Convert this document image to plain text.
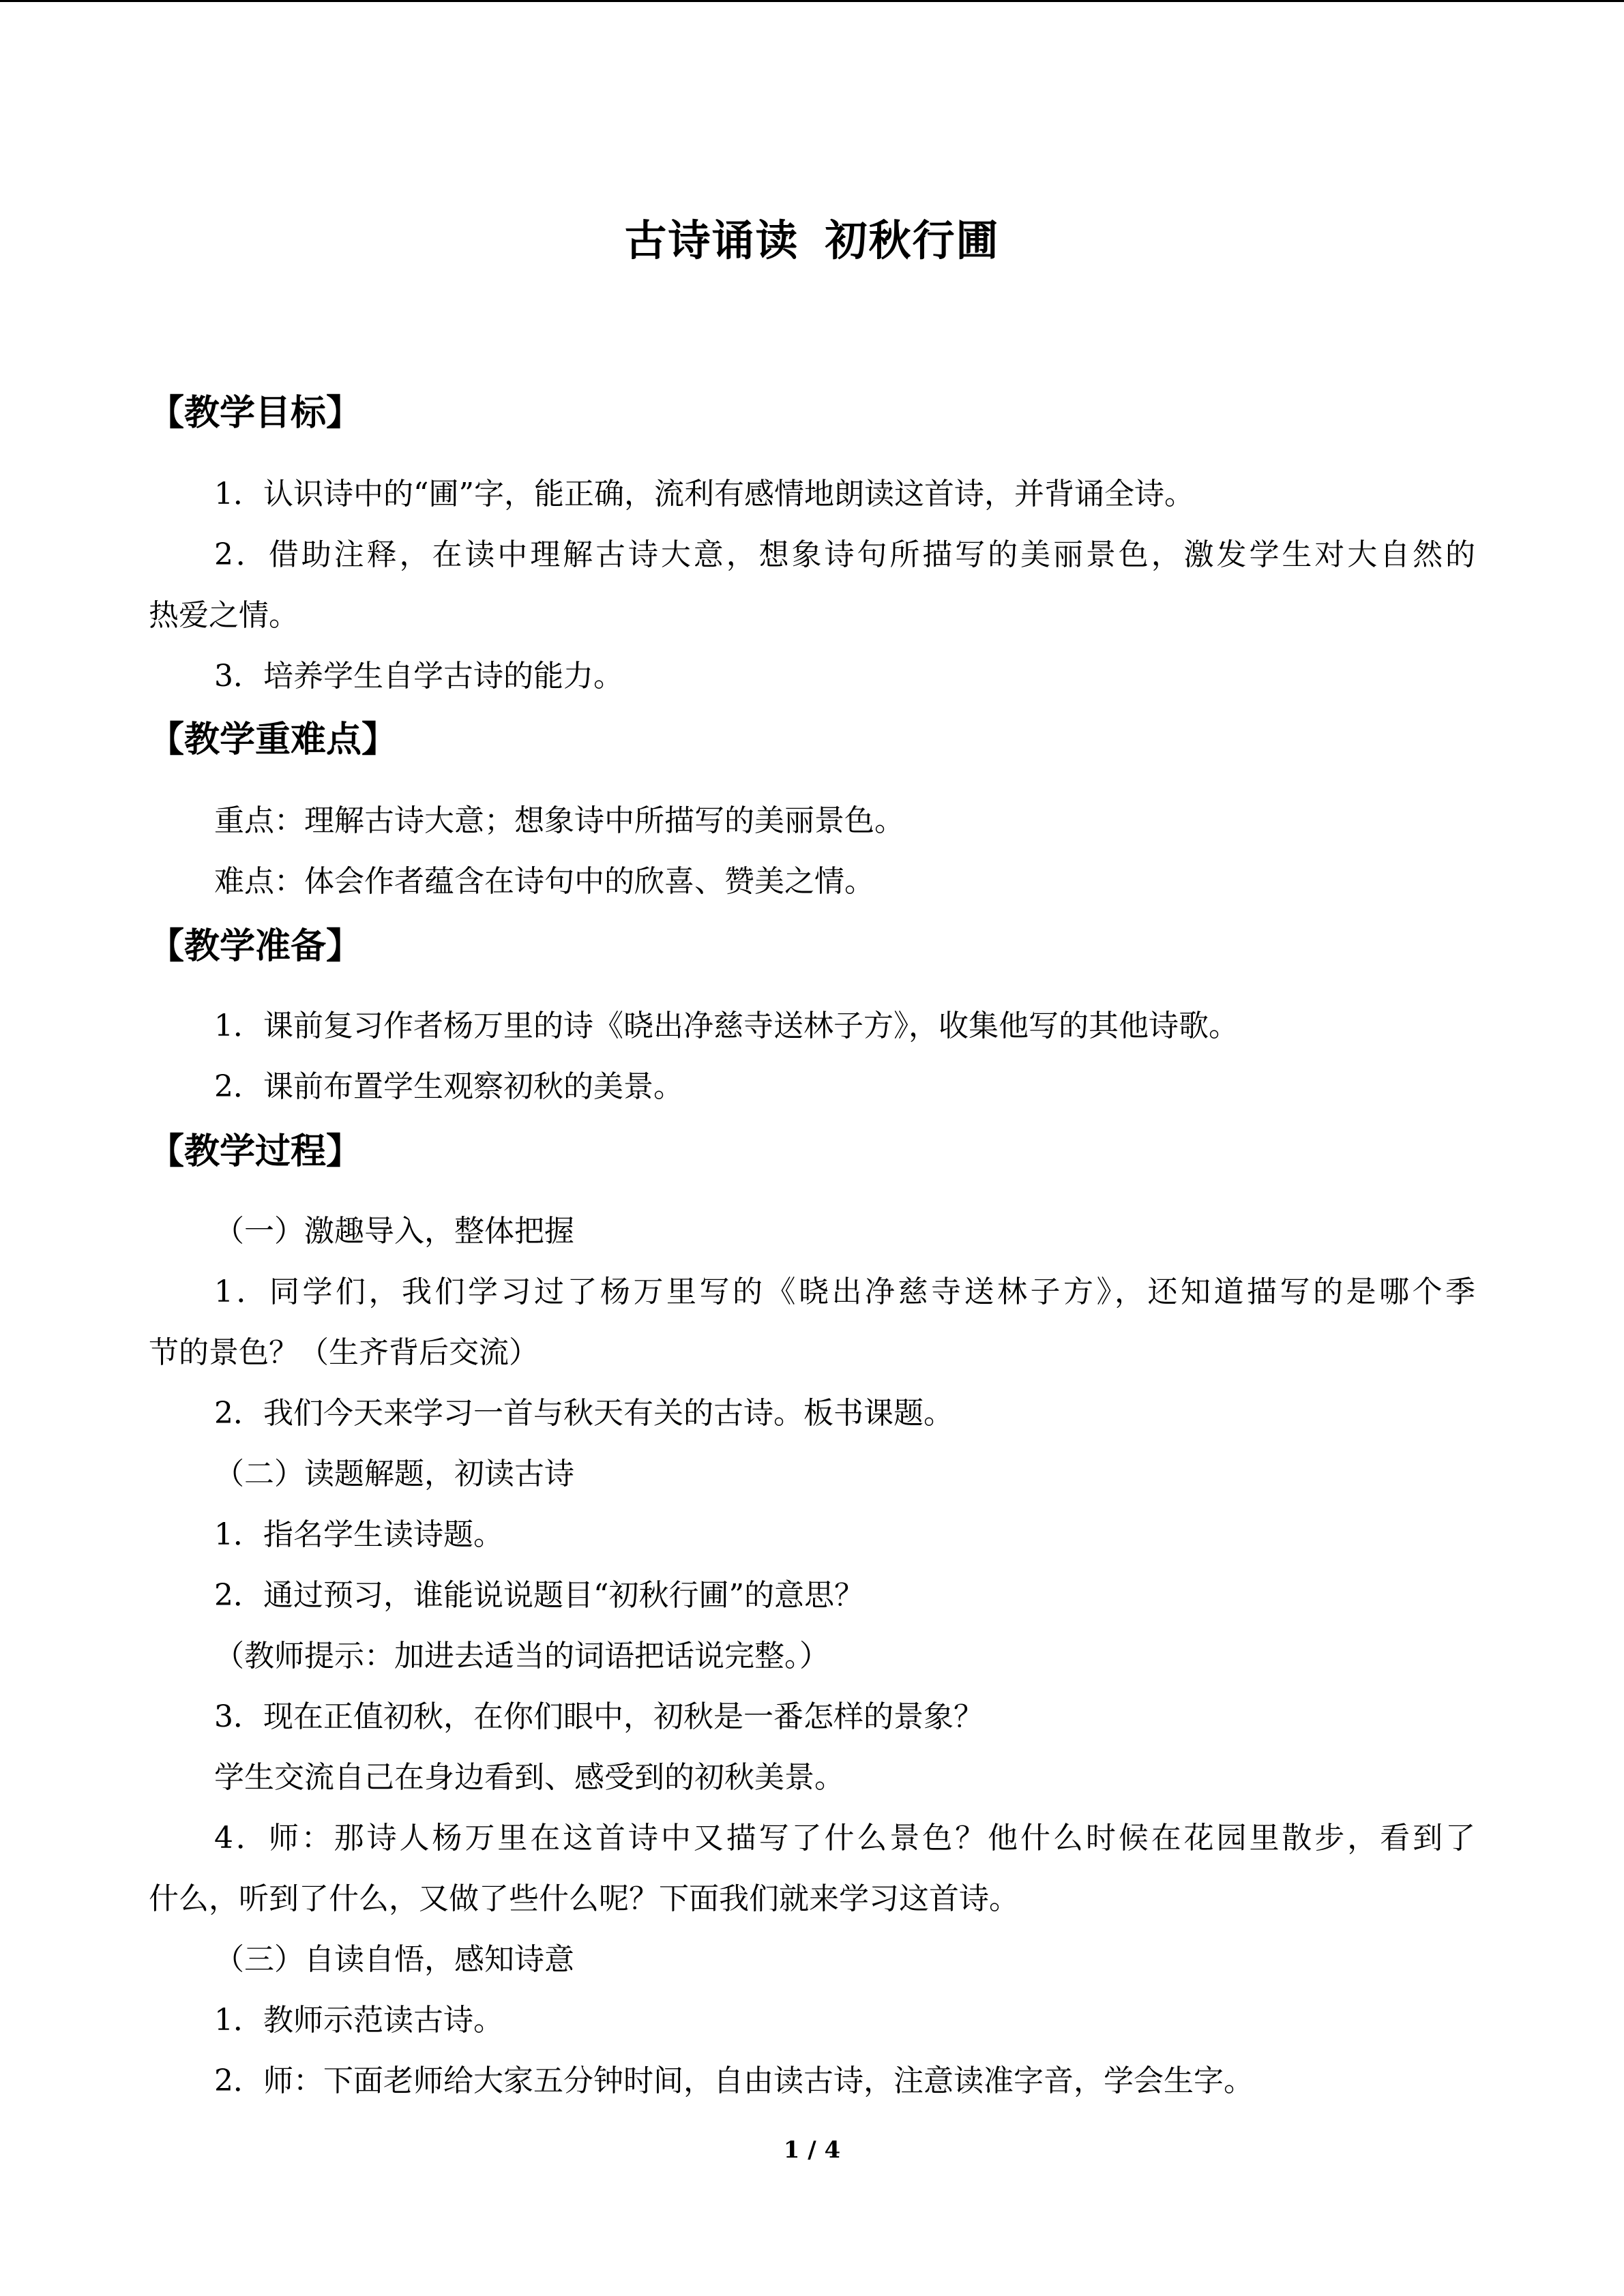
古诗诵读 初秋行圃
【教学目标】
1．认识诗中的“圃”字，能正确，流利有感情地朗读这首诗，并背诵全诗。
2．借助注释，在读中理解古诗大意，想象诗句所描写的美丽景色，激发学生对大自然的
热爱之情。
3．培养学生自学古诗的能力。
【教学重难点】
重点：理解古诗大意；想象诗中所描写的美丽景色。
难点：体会作者蕴含在诗句中的欣喜、赞美之情。
【教学准备】
1．课前复习作者杨万里的诗《晓出净慈寺送林子方》，收集他写的其他诗歌。
2．课前布置学生观察初秋的美景。
【教学过程】
（一）激趣导入，整体把握
1．同学们，我们学习过了杨万里写的《晓出净慈寺送林子方》，还知道描写的是哪个季
节的景色？（生齐背后交流）
2．我们今天来学习一首与秋天有关的古诗。板书课题。
（二）读题解题，初读古诗
1．指名学生读诗题。
2．通过预习，谁能说说题目“初秋行圃”的意思？
（教师提示：加进去适当的词语把话说完整。）
3．现在正值初秋，在你们眼中，初秋是一番怎样的景象？
学生交流自己在身边看到、感受到的初秋美景。
4．师：那诗人杨万里在这首诗中又描写了什么景色？他什么时候在花园里散步，看到了
什么，听到了什么，又做了些什么呢？下面我们就来学习这首诗。
（三）自读自悟，感知诗意
1．教师示范读古诗。
2．师：下面老师给大家五分钟时间，自由读古诗，注意读准字音，学会生字。
1 / 4
